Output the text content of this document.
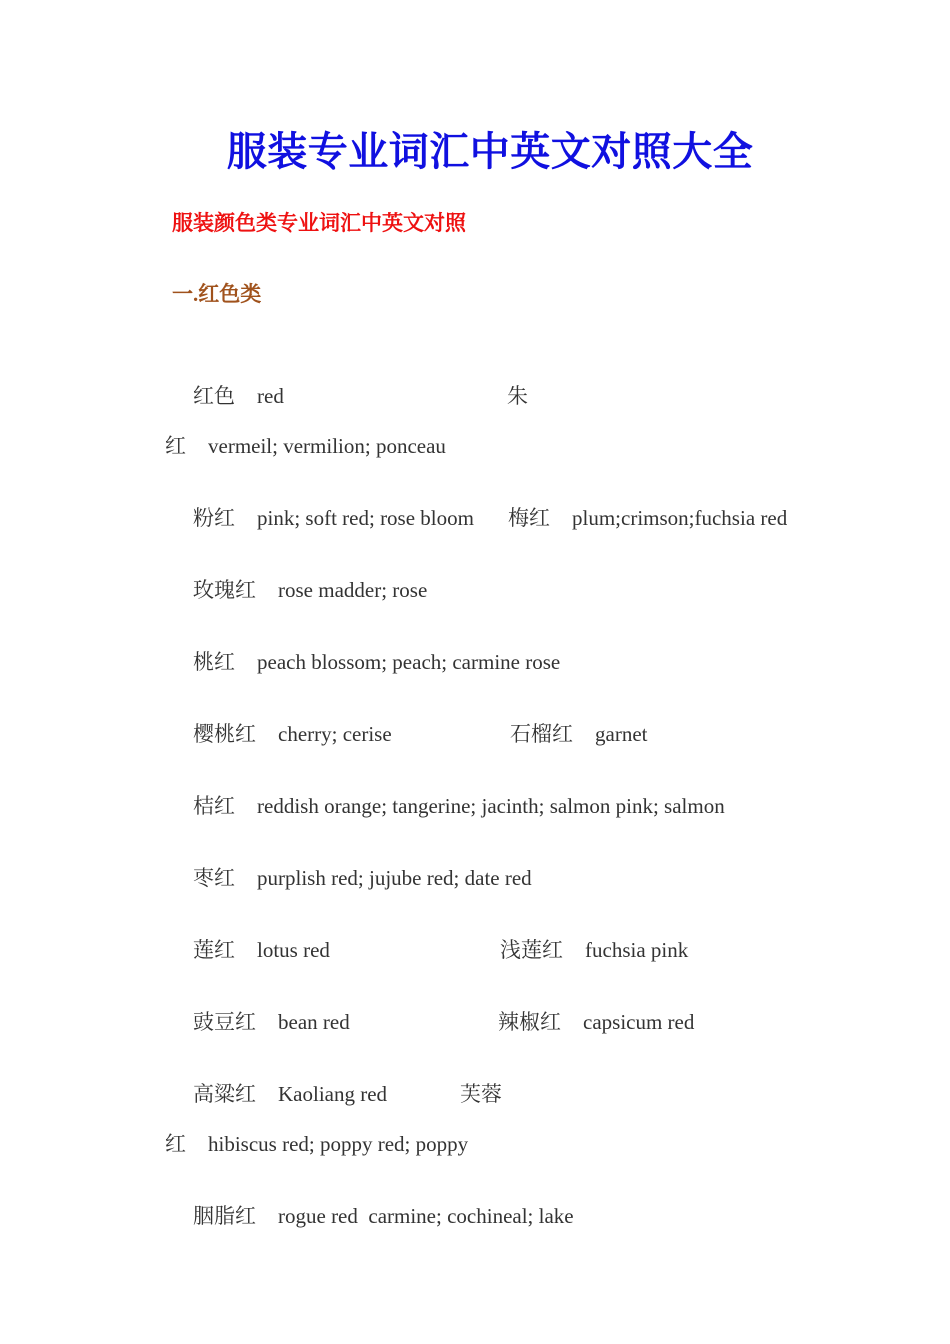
服装专业词汇中英文对照大全
服装颜色类专业词汇中英文对照
一.红色类

红色 red
	朱

红 vermeil; vermilion; ponceau

粉红 pink; soft red; rose bloom
	梅红 plum;crimson;fuchsia red

玫瑰红 rose madder; rose

桃红 peach blossom; peach; carmine rose

樱桃红 cherry; cerise
	石榴红 garnet

桔红 reddish orange; tangerine; jacinth; salmon pink; salmon

枣红 purplish red; jujube red; date red

莲红 lotus red
	浅莲红 fuchsia pink

豉豆红 bean red
	辣椒红 capsicum red

高粱红 Kaoliang red
	芙蓉

红 hibiscus red; poppy red; poppy

胭脂红 rogue red  carmine; cochineal; lake
